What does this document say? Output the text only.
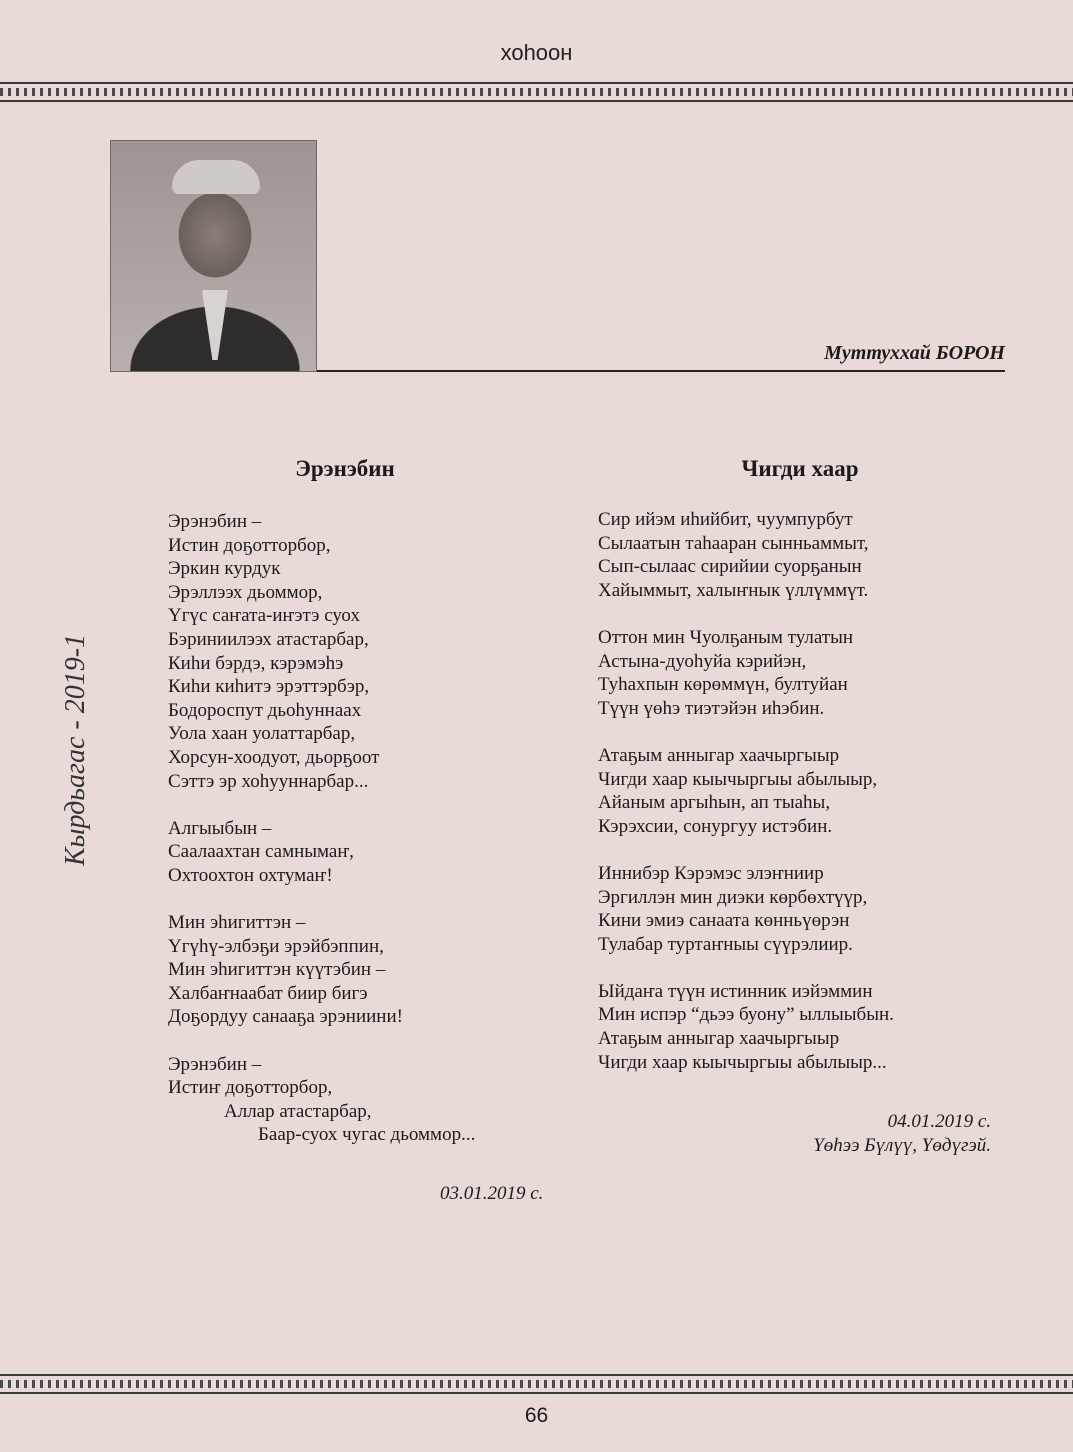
хоhоон
Муттуххай БОРОН
Кырдьагас - 2019-1
Эрэнэбин	Чигди хаар
Эрэнэбин –
Истин доҕотторбор,
Эркин курдук
Эрэллээх дьоммор,
Үгүс саҥата-иҥэтэ суох
Бэриниилээх атастарбар,
Киһи бэрдэ, кэрэмэһэ
Киһи киһитэ эрэттэрбэр,
Бодороспут дьоһуннаах
Уола хаан уолаттарбар,
Хорсун-хоодуот, дьорҕоот
Сэттэ эр хоһууннарбар...
Алгыыбын –
Саалаахтан самнымаҥ,
Охтоохтон охтумаҥ!
Мин эһигиттэн –
Үгүһү-элбэҕи эрэйбэппин,
Мин эһигиттэн күүтэбин –
Халбаҥнаабат биир бигэ
Доҕордуу санааҕа эрэниини!
Эрэнэбин –
Истиҥ доҕотторбор,
Аллар атастарбар,
Баар-суох чугас дьоммор...
03.01.2019 с.
Сир ийэм иһийбит, чуумпурбут
Сылаатын таһааран сынньаммыт,
Сып-сылаас сирийии суорҕанын
Хайыммыт, халыҥнык үллүммүт.
Оттон мин Чуолҕаным тулатын
Астына-дуоһуйа кэрийэн,
Туһахпын көрөммүн, бултуйан
Түүн үөһэ тиэтэйэн иһэбин.
Атаҕым анныгар хаачыргыыр
Чигди хаар кыычыргыы абылыыр,
Айаным аргыһын, ап тыаһы,
Кэрэхсии, сонургуу истэбин.
Иннибэр Кэрэмэс элэҥниир
Эргиллэн мин диэки көрбөхтүүр,
Кини эмиэ санаата көнньүөрэн
Тулабар туртаҥныы сүүрэлиир.
Ыйдаҥа түүн истинник иэйэммин
Мин испэр “дьээ буону” ыллыыбын.
Атаҕым анныгар хаачыргыыр
Чигди хаар кыычыргыы абылыыр...
04.01.2019 с.
Үөһээ Бүлүү, Үөдүгэй.
66
